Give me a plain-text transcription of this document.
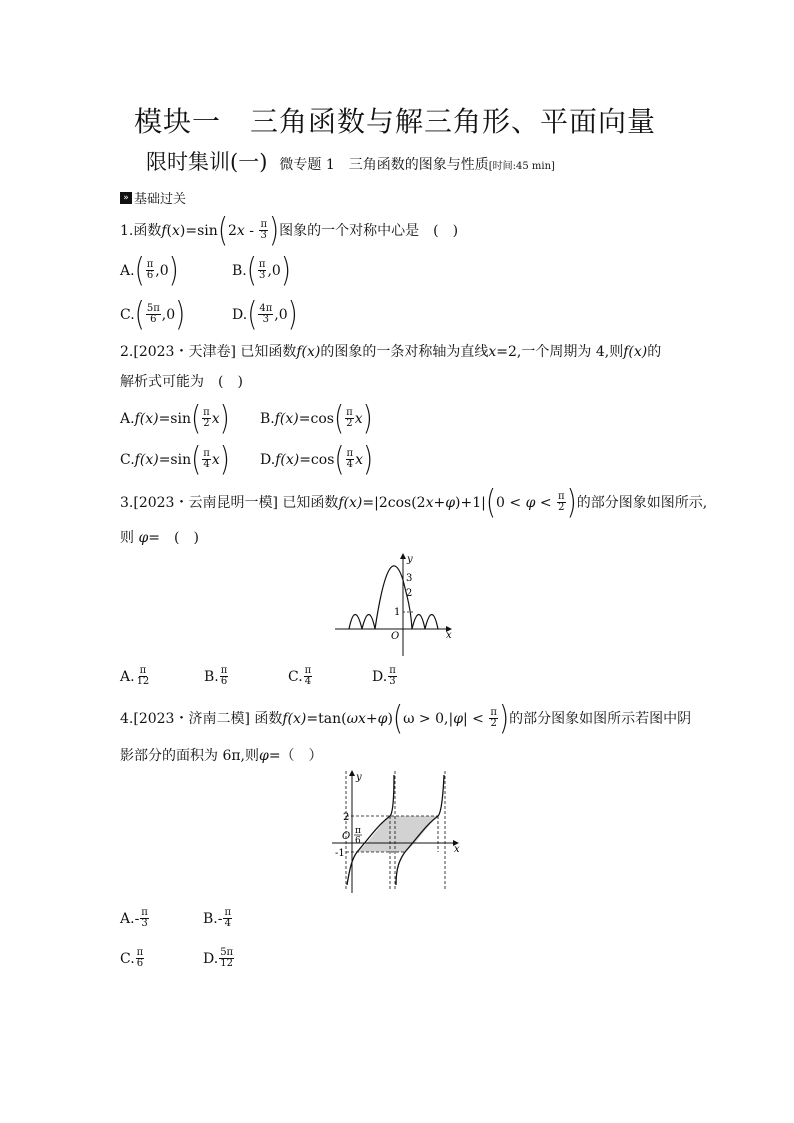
模块一　三角函数与解三角形、平面向量
限时集训(一) 微专题 1　三角函数的图象与性质 [时间:45 min]
» 基础过关
1.函数 f ( x ) =sin ( 2 x
-
$\frac{\pi}{3}$ ) 图象的一个对称中心是　(　)
A. ( $\frac{\pi}{6} ,0$ )	B. ( $\frac{\pi}{3} ,0$ )
C. ( $\frac{5\pi}{6} ,0$ )	D. ( $\frac{4\pi}{3} ,0$ )
2.[2023・天津卷] 已知函数f(x)的图象的一条对称轴为直线x=2,一个周期为 4,则f(x)的
解析式可能为　(　)
A. f(x) =sin ( $\frac{\pi}{2}$ x ) B. f(x) =cos ( $\frac{\pi}{2}$ x )
C. f(x) =sin ( $\frac{\pi}{4}$ x ) D. f(x) =cos ( $\frac{\pi}{4}$ x )
3.[2023・云南昆明一模] 已知函数 f(x) =|2cos(2 x + φ )+1| ( 0 <
φ
<
$\frac{\pi}{2}$ ) 的部分图象如图所示,
则 φ=　(　)
y
x
O
3
2
1
A. $\frac{\pi}{12}$	B. $\frac{\pi}{6}$	C. $\frac{\pi}{4}$	D. $\frac{\pi}{3}$
4.[2023・济南二模] 函数 f(x) =tan( ωx + φ ) ( ω > 0,| φ | <
$\frac{\pi}{2}$ ) 的部分图象如图所示若图中阴
影部分的面积为 6π,则φ=（　）
y
x
O
2
-1
π
6
A. - $\frac{\pi}{3}$	B. - $\frac{\pi}{4}$
C. $\frac{\pi}{6}$	D. $\frac{5\pi}{12}$
